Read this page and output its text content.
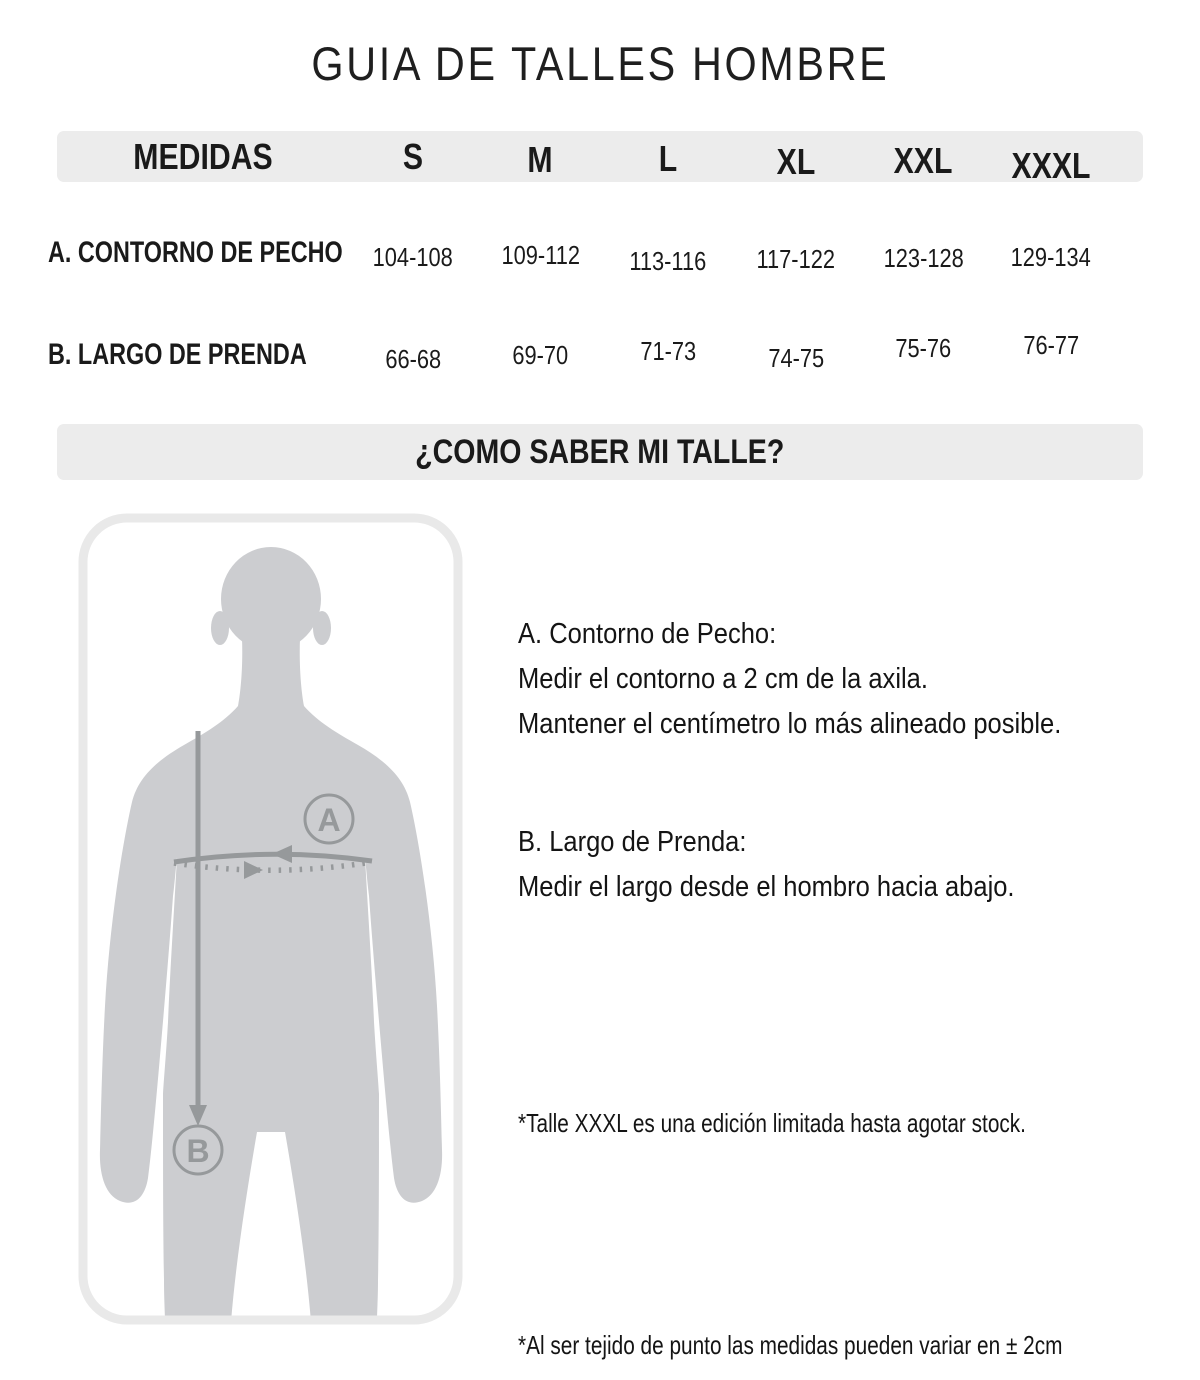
GUIA DE TALLES HOMBRE
MEDIDAS	S	M	L	XL	XXL	XXXL
A. CONTORNO DE PECHO	104-108	109-112	113-116	117-122	123-128	129-134
B. LARGO DE PRENDA	66-68	69-70	71-73	74-75	75-76	76-77
¿COMO SABER MI TALLE?
A
B
A. Contorno de Pecho:
Medir el contorno a 2 cm de la axila.
Mantener el centímetro lo más alineado posible.
B. Largo de Prenda:
Medir el largo desde el hombro hacia abajo.
*Talle XXXL es una edición limitada hasta agotar stock.
*Al ser tejido de punto las medidas pueden variar en ± 2cm
